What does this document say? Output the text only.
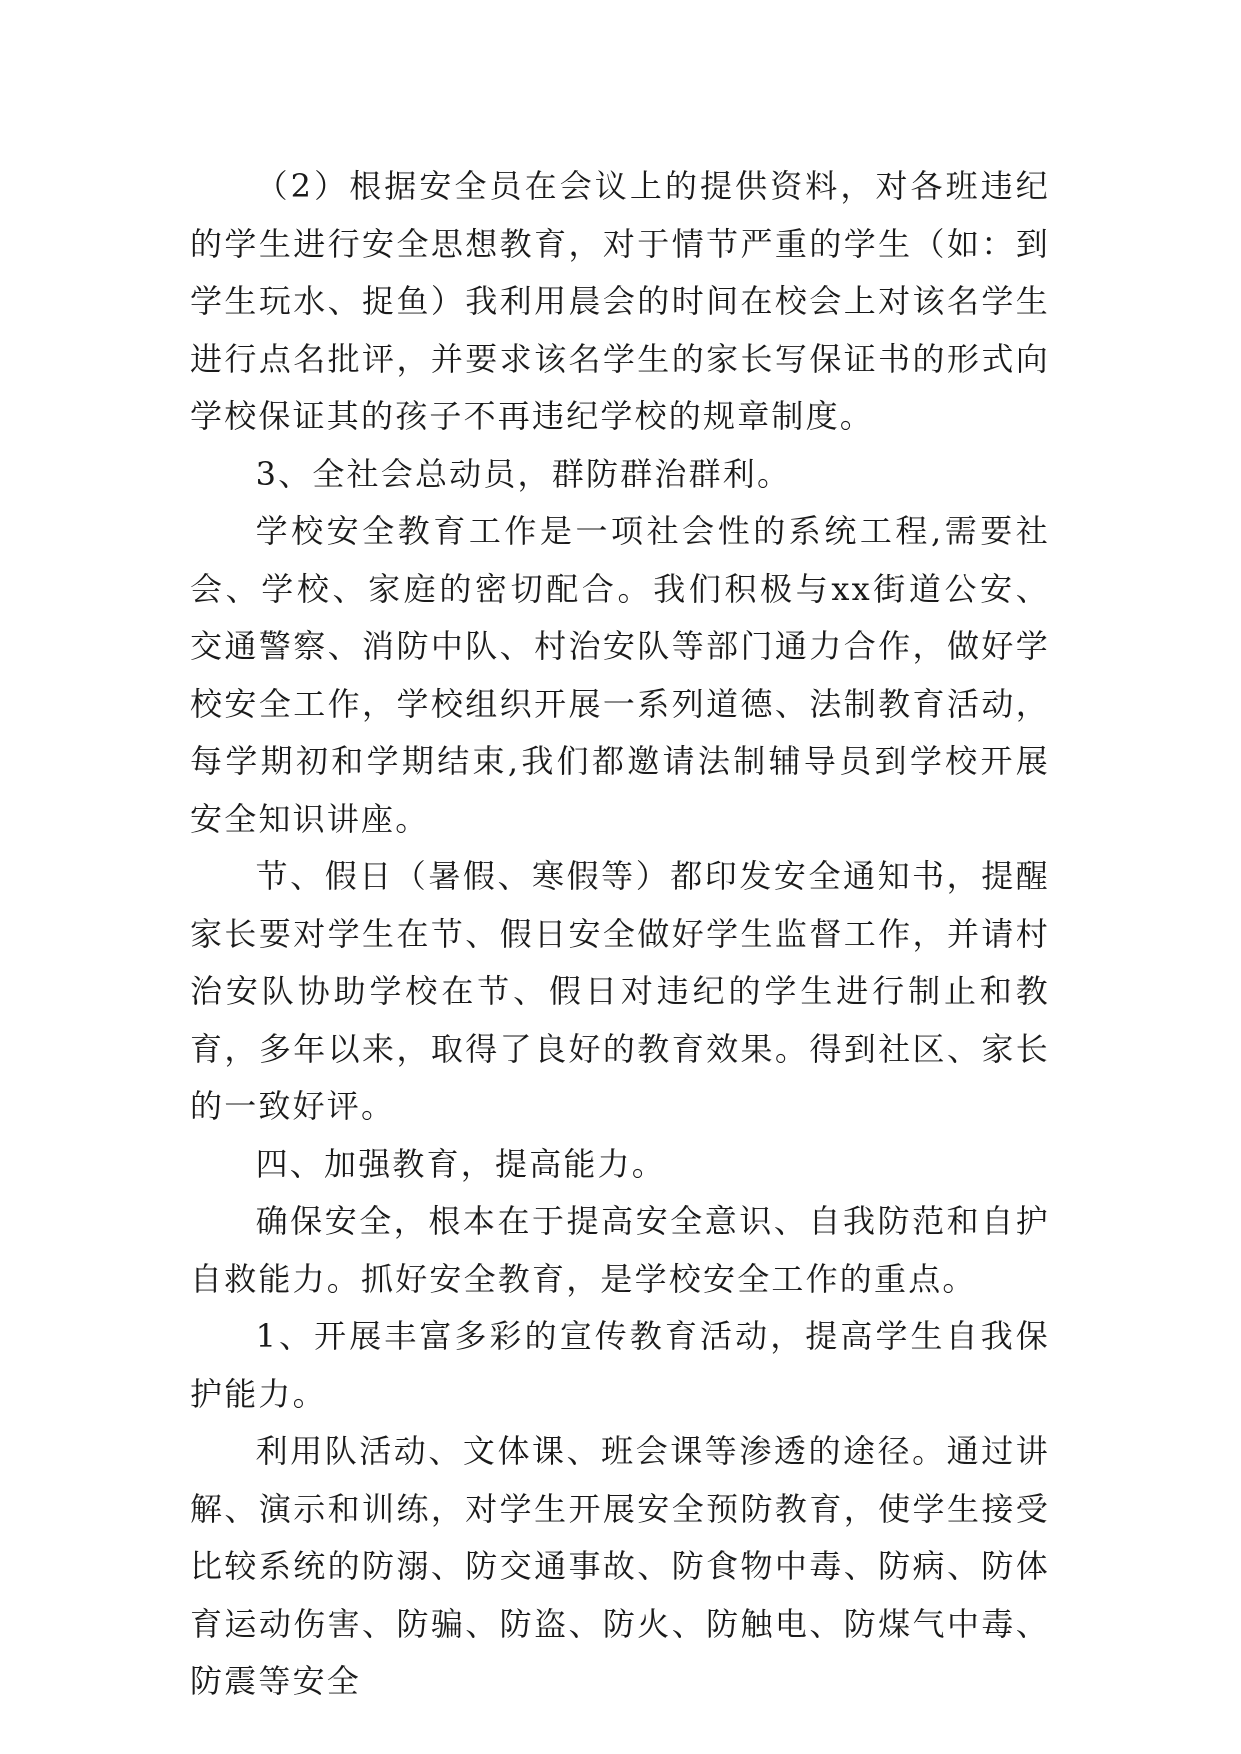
（2）根据安全员在会议上的提供资料，对各班违纪的学生进行安全思想教育，对于情节严重的学生（如：到学生玩水、捉鱼）我利用晨会的时间在校会上对该名学生进行点名批评，并要求该名学生的家长写保证书的形式向学校保证其的孩子不再违纪学校的规章制度。

3、全社会总动员，群防群治群利。

学校安全教育工作是一项社会性的系统工程,需要社会、学校、家庭的密切配合。我们积极与xx街道公安、交通警察、消防中队、村治安队等部门通力合作，做好学校安全工作，学校组织开展一系列道德、法制教育活动，每学期初和学期结束,我们都邀请法制辅导员到学校开展安全知识讲座。

节、假日（暑假、寒假等）都印发安全通知书，提醒家长要对学生在节、假日安全做好学生监督工作，并请村治安队协助学校在节、假日对违纪的学生进行制止和教育，多年以来，取得了良好的教育效果。得到社区、家长的一致好评。

四、加强教育，提高能力。

确保安全，根本在于提高安全意识、自我防范和自护自救能力。抓好安全教育，是学校安全工作的重点。

1、开展丰富多彩的宣传教育活动，提高学生自我保护能力。

利用队活动、文体课、班会课等渗透的途径。通过讲解、演示和训练，对学生开展安全预防教育，使学生接受比较系统的防溺、防交通事故、防食物中毒、防病、防体育运动伤害、防骗、防盗、防火、防触电、防煤气中毒、防震等安全
